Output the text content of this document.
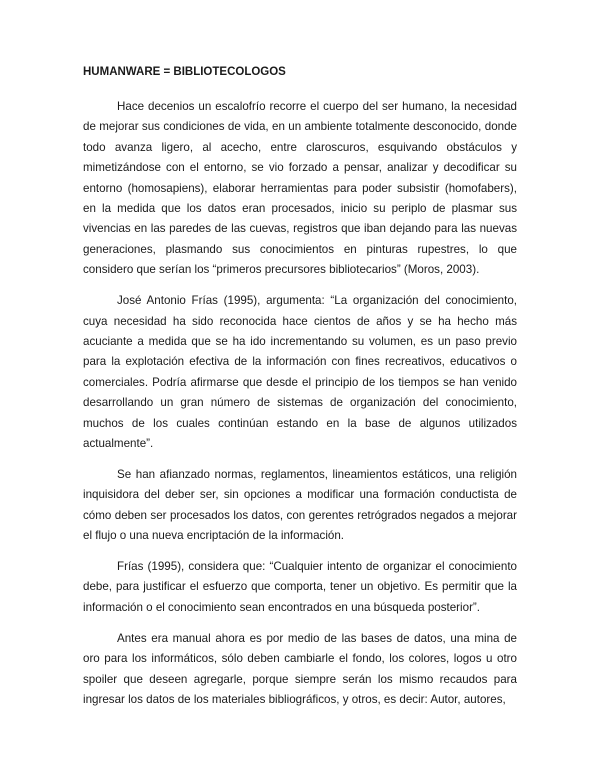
HUMANWARE = BIBLIOTECOLOGOS

Hace decenios un escalofrío recorre el cuerpo del ser humano, la necesidad de mejorar sus condiciones de vida, en un ambiente totalmente desconocido, donde todo avanza ligero, al acecho, entre claroscuros, esquivando obstáculos y mimetizándose con el entorno, se vio forzado a pensar, analizar y decodificar su entorno (homosapiens), elaborar herramientas para poder subsistir (homofabers), en la medida que los datos eran procesados, inicio su periplo de plasmar sus vivencias en las paredes de las cuevas, registros que iban dejando para las nuevas generaciones, plasmando sus conocimientos en pinturas rupestres, lo que considero que serían los “primeros precursores bibliotecarios” (Moros, 2003).

José Antonio Frías (1995), argumenta: “La organización del conocimiento, cuya necesidad ha sido reconocida hace cientos de años y se ha hecho más acuciante a medida que se ha ido incrementando su volumen, es un paso previo para la explotación efectiva de la información con fines recreativos, educativos o comerciales. Podría afirmarse que desde el principio de los tiempos se han venido desarrollando un gran número de sistemas de organización del conocimiento, muchos de los cuales continúan estando en la base de algunos utilizados actualmente”.

Se han afianzado normas, reglamentos, lineamientos estáticos, una religión inquisidora del deber ser, sin opciones a modificar una formación conductista de cómo deben ser procesados los datos, con gerentes retrógrados negados a mejorar el flujo o una nueva encriptación de la información.

Frías (1995), considera que: “Cualquier intento de organizar el conocimiento debe, para justificar el esfuerzo que comporta, tener un objetivo. Es permitir que la información o el conocimiento sean encontrados en una búsqueda posterior”.

Antes era manual ahora es por medio de las bases de datos, una mina de oro para los informáticos, sólo deben cambiarle el fondo, los colores, logos u otro spoiler que deseen agregarle, porque siempre serán los mismo recaudos para ingresar los datos de los materiales bibliográficos, y otros, es decir: Autor, autores,
